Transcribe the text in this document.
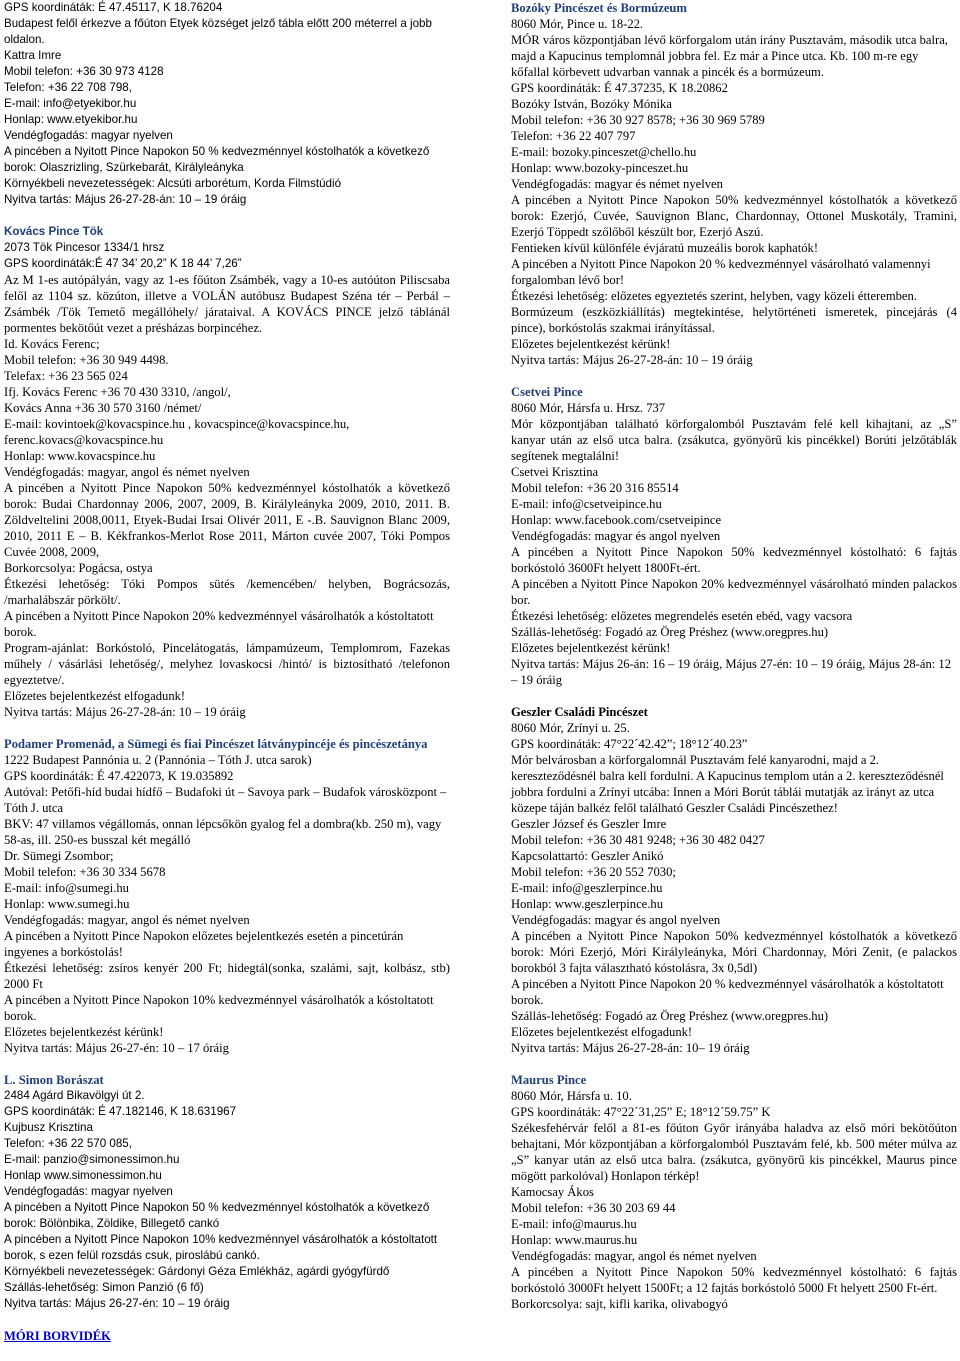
GPS koordináták: É 47.45117, K 18.76204

Budapest felől érkezve a főúton Etyek községet jelző tábla előtt 200 méterrel a jobb oldalon.

Kattra Imre

Mobil telefon: +36 30 973 4128

Telefon: +36 22 708 798,

E-mail: info@etyekibor.hu

Honlap: www.etyekibor.hu

Vendégfogadás: magyar nyelven

A pincében a Nyitott Pince Napokon 50 % kedvezménnyel kóstolhatók a következő borok: Olaszrizling, Szürkebarát, Királyleányka

Környékbeli nevezetességek: Alcsúti arborétum, Korda Filmstúdió

Nyitva tartás: Május 26-27-28-án: 10 – 19 óráig

Kovács Pince Tök

2073 Tök Pincesor 1334/1 hrsz

GPS koordináták:É 47 34’ 20,2” K 18 44’ 7,26”

Az M 1-es autópályán, vagy az 1-es főúton Zsámbék, vagy a 10-es autóúton Piliscsaba felől az 1104 sz. közúton, illetve a VOLÁN autóbusz Budapest Széna tér – Perbál – Zsámbék /Tök Temető megállóhely/ járataival. A KOVÁCS PINCE jelző táblánál pormentes bekötőút vezet a présházas borpincéhez.

Id. Kovács Ferenc;

Mobil telefon: +36 30 949 4498.

Telefax: +36 23 565 024

Ifj. Kovács Ferenc +36 70 430 3310, /angol/,

Kovács Anna +36 30 570 3160 /német/

E-mail: kovintoek@kovacspince.hu , kovacspince@kovacspince.hu, ferenc.kovacs@kovacspince.hu

Honlap: www.kovacspince.hu

Vendégfogadás: magyar, angol és német nyelven

A pincében a Nyitott Pince Napokon 50% kedvezménnyel kóstolhatók a következő borok: Budai Chardonnay 2006, 2007, 2009, B. Királyleányka 2009, 2010, 2011. B. Zöldveltelini 2008,0011, Etyek-Budai Irsai Olivér 2011, E -.B. Sauvignon Blanc 2009, 2010, 2011 E – B. Kékfrankos-Merlot Rose 2011, Márton cuvée 2007, Tóki Pompos Cuvée 2008, 2009,

Borkorcsolya: Pogácsa, ostya

Étkezési lehetőség: Tóki Pompos sütés /kemencében/ helyben, Bográcsozás, /marhalábszár pörkölt/.

A pincében a Nyitott Pince Napokon 20% kedvezménnyel vásárolhatók a kóstoltatott borok.

Program-ajánlat: Borkóstoló, Pincelátogatás, lámpamúzeum, Templomrom, Fazekas műhely / vásárlási lehetőség/, melyhez lovaskocsi /hintó/ is biztosítható /telefonon egyeztetve/.

Előzetes bejelentkezést elfogadunk!

Nyitva tartás: Május 26-27-28-án: 10 – 19 óráig

Podamer Promenád, a Sümegi és fiai Pincészet látványpincéje és pincészetánya

1222 Budapest Pannónia u. 2 (Pannónia – Tóth J. utca sarok)

GPS koordináták: É 47.422073, K 19.035892

Autóval: Petőfi-híd budai hídfő – Budafoki út – Savoya park – Budafok városközpont – Tóth J. utca

BKV: 47 villamos végállomás, onnan lépcsőkön gyalog fel a dombra(kb. 250 m), vagy 58-as, ill. 250-es busszal két megálló

Dr. Sümegi Zsombor;

Mobil telefon: +36 30 334 5678

E-mail: info@sumegi.hu

Honlap: www.sumegi.hu

Vendégfogadás: magyar, angol és német nyelven

A pincében a Nyitott Pince Napokon előzetes bejelentkezés esetén a pincetúrán ingyenes a borkóstolás!

Étkezési lehetőség: zsíros kenyér 200 Ft; hidegtál(sonka, szalámi, sajt, kolbász, stb) 2000 Ft

A pincében a Nyitott Pince Napokon 10% kedvezménnyel vásárolhatók a kóstoltatott borok.

Előzetes bejelentkezést kérünk!

Nyitva tartás: Május 26-27-én: 10 – 17 óráig

L. Simon Borászat

2484 Agárd Bikavölgyi út 2.

GPS koordináták: É 47.182146, K 18.631967

Kujbusz Krisztina

Telefon: +36 22 570 085,

E-mail: panzio@simonessimon.hu

Honlap www.simonessimon.hu

Vendégfogadás: magyar nyelven

A pincében a Nyitott Pince Napokon 50 % kedvezménnyel kóstolhatók a következő borok: Bölönbika, Zöldike, Billegető cankó

A pincében a Nyitott Pince Napokon 10% kedvezménnyel vásárolhatók a kóstoltatott borok, s ezen felül rozsdás csuk, piroslábú cankó.

Környékbeli nevezetességek: Gárdonyi Géza Emlékház, agárdi gyógyfürdő

Szállás-lehetőség: Simon Panzió (6 fő)

Nyitva tartás: Május 26-27-én: 10 – 19 óráig

MÓRI BORVIDÉK

Bozóky Pincészet és Bormúzeum

8060 Mór, Pince u. 18-22.

MÓR város központjában lévő körforgalom után irány Pusztavám, második utca balra, majd a Kapucinus templomnál jobbra fel. Ez már a Pince utca. Kb. 100 m-re egy kőfallal körbevett udvarban vannak a pincék és a bormúzeum.

GPS koordináták: É 47.37235, K 18.20862

Bozóky István, Bozóky Mónika

Mobil telefon: +36 30 927 8578; +36 30 969 5789

Telefon: +36 22 407 797

E-mail: bozoky.pinceszet@chello.hu

Honlap: www.bozoky-pinceszet.hu

Vendégfogadás: magyar és német nyelven

A pincében a Nyitott Pince Napokon 50% kedvezménnyel kóstolhatók a következő borok: Ezerjó, Cuvée, Sauvignon Blanc, Chardonnay, Ottonel Muskotály, Tramini, Ezerjó Töppedt szőlőből készült bor, Ezerjó Aszú.

Fentieken kívül különféle évjáratú muzeális borok kaphatók!

A pincében a Nyitott Pince Napokon 20 % kedvezménnyel vásárolható valamennyi forgalomban lévő bor!

Étkezési lehetőség: előzetes egyeztetés szerint, helyben, vagy közeli étteremben.

Bormúzeum (eszközkiállítás) megtekintése, helytörténeti ismeretek, pincejárás (4 pince), borkóstolás szakmai irányítással.

Előzetes bejelentkezést kérünk!

Nyitva tartás: Május 26-27-28-án: 10 – 19 óráig

Csetvei Pince

8060 Mór, Hársfa u. Hrsz. 737

Mór központjában található körforgalomból Pusztavám felé kell kihajtani, az „S” kanyar után az első utca balra. (zsákutca, gyönyörű kis pincékkel) Borúti jelzőtáblák segítenek megtalálni!

Csetvei Krisztina

Mobil telefon: +36 20 316 85514

E-mail: info@csetveipince.hu

Honlap: www.facebook.com/csetveipince

Vendégfogadás: magyar és angol nyelven

A pincében a Nyitott Pince Napokon 50% kedvezménnyel kóstolható: 6 fajtás borkóstoló 3600Ft helyett 1800Ft-ért.

A pincében a Nyitott Pince Napokon 20% kedvezménnyel vásárolható minden palackos bor.

Étkezési lehetőség: előzetes megrendelés esetén ebéd, vagy vacsora

Szállás-lehetőség: Fogadó az Öreg Préshez (www.oregpres.hu)

Előzetes bejelentkezést kérünk!

Nyitva tartás: Május 26-án: 16 – 19 óráig, Május 27-én: 10 – 19 óráig, Május 28-án: 12 – 19 óráig

Geszler Családi Pincészet

8060 Mór, Zrínyi u. 25.

GPS koordináták: 47°22´42.42”; 18°12´40.23”

Mór belvárosban a körforgalomnál Pusztavám felé kanyarodni, majd a 2. kereszteződésnél balra kell fordulni. A Kapucinus templom után a 2. kereszteződésnél jobbra fordulni a Zrínyi utcába: Innen a Móri Borút táblái mutatják az irányt az utca közepe táján balkéz felől található Geszler Családi Pincészethez!

Geszler József és Geszler Imre

Mobil telefon: +36 30 481 9248; +36 30 482 0427

Kapcsolattartó: Geszler Anikó

Mobil telefon: +36 20 552 7030;

E-mail: info@geszlerpince.hu

Honlap: www.geszlerpince.hu

Vendégfogadás: magyar és angol nyelven

A pincében a Nyitott Pince Napokon 50% kedvezménnyel kóstolhatók a következő borok: Móri Ezerjó, Móri Királyleányka, Móri Chardonnay, Móri Zenit, (e palackos borokból 3 fajta választható kóstolásra, 3x 0,5dl)

A pincében a Nyitott Pince Napokon 20 % kedvezménnyel vásárolhatók a kóstoltatott borok.

Szállás-lehetőség: Fogadó az Öreg Préshez (www.oregpres.hu)

Előzetes bejelentkezést elfogadunk!

Nyitva tartás: Május 26-27-28-án: 10– 19 óráig

Maurus Pince

8060 Mór, Hársfa u. 10.

GPS koordináták: 47°22´31,25” E; 18°12´59.75” K

Székesfehérvár felől a 81-es főúton Győr irányába haladva az első móri bekötőúton behajtani, Mór központjában a körforgalomból Pusztavám felé, kb. 500 méter múlva az „S” kanyar után az első utca balra. (zsákutca, gyönyörű kis pincékkel, Maurus pince mögött parkolóval) Honlapon térkép!

Kamocsay Ákos

Mobil telefon: +36 30 203 69 44

E-mail: info@maurus.hu

Honlap: www.maurus.hu

Vendégfogadás: magyar, angol és német nyelven

A pincében a Nyitott Pince Napokon 50% kedvezménnyel kóstolható: 6 fajtás borkóstoló 3000Ft helyett 1500Ft; a 12 fajtás borkóstoló 5000 Ft helyett 2500 Ft-ért.

Borkorcsolya: sajt, kifli karika, olivabogyó
